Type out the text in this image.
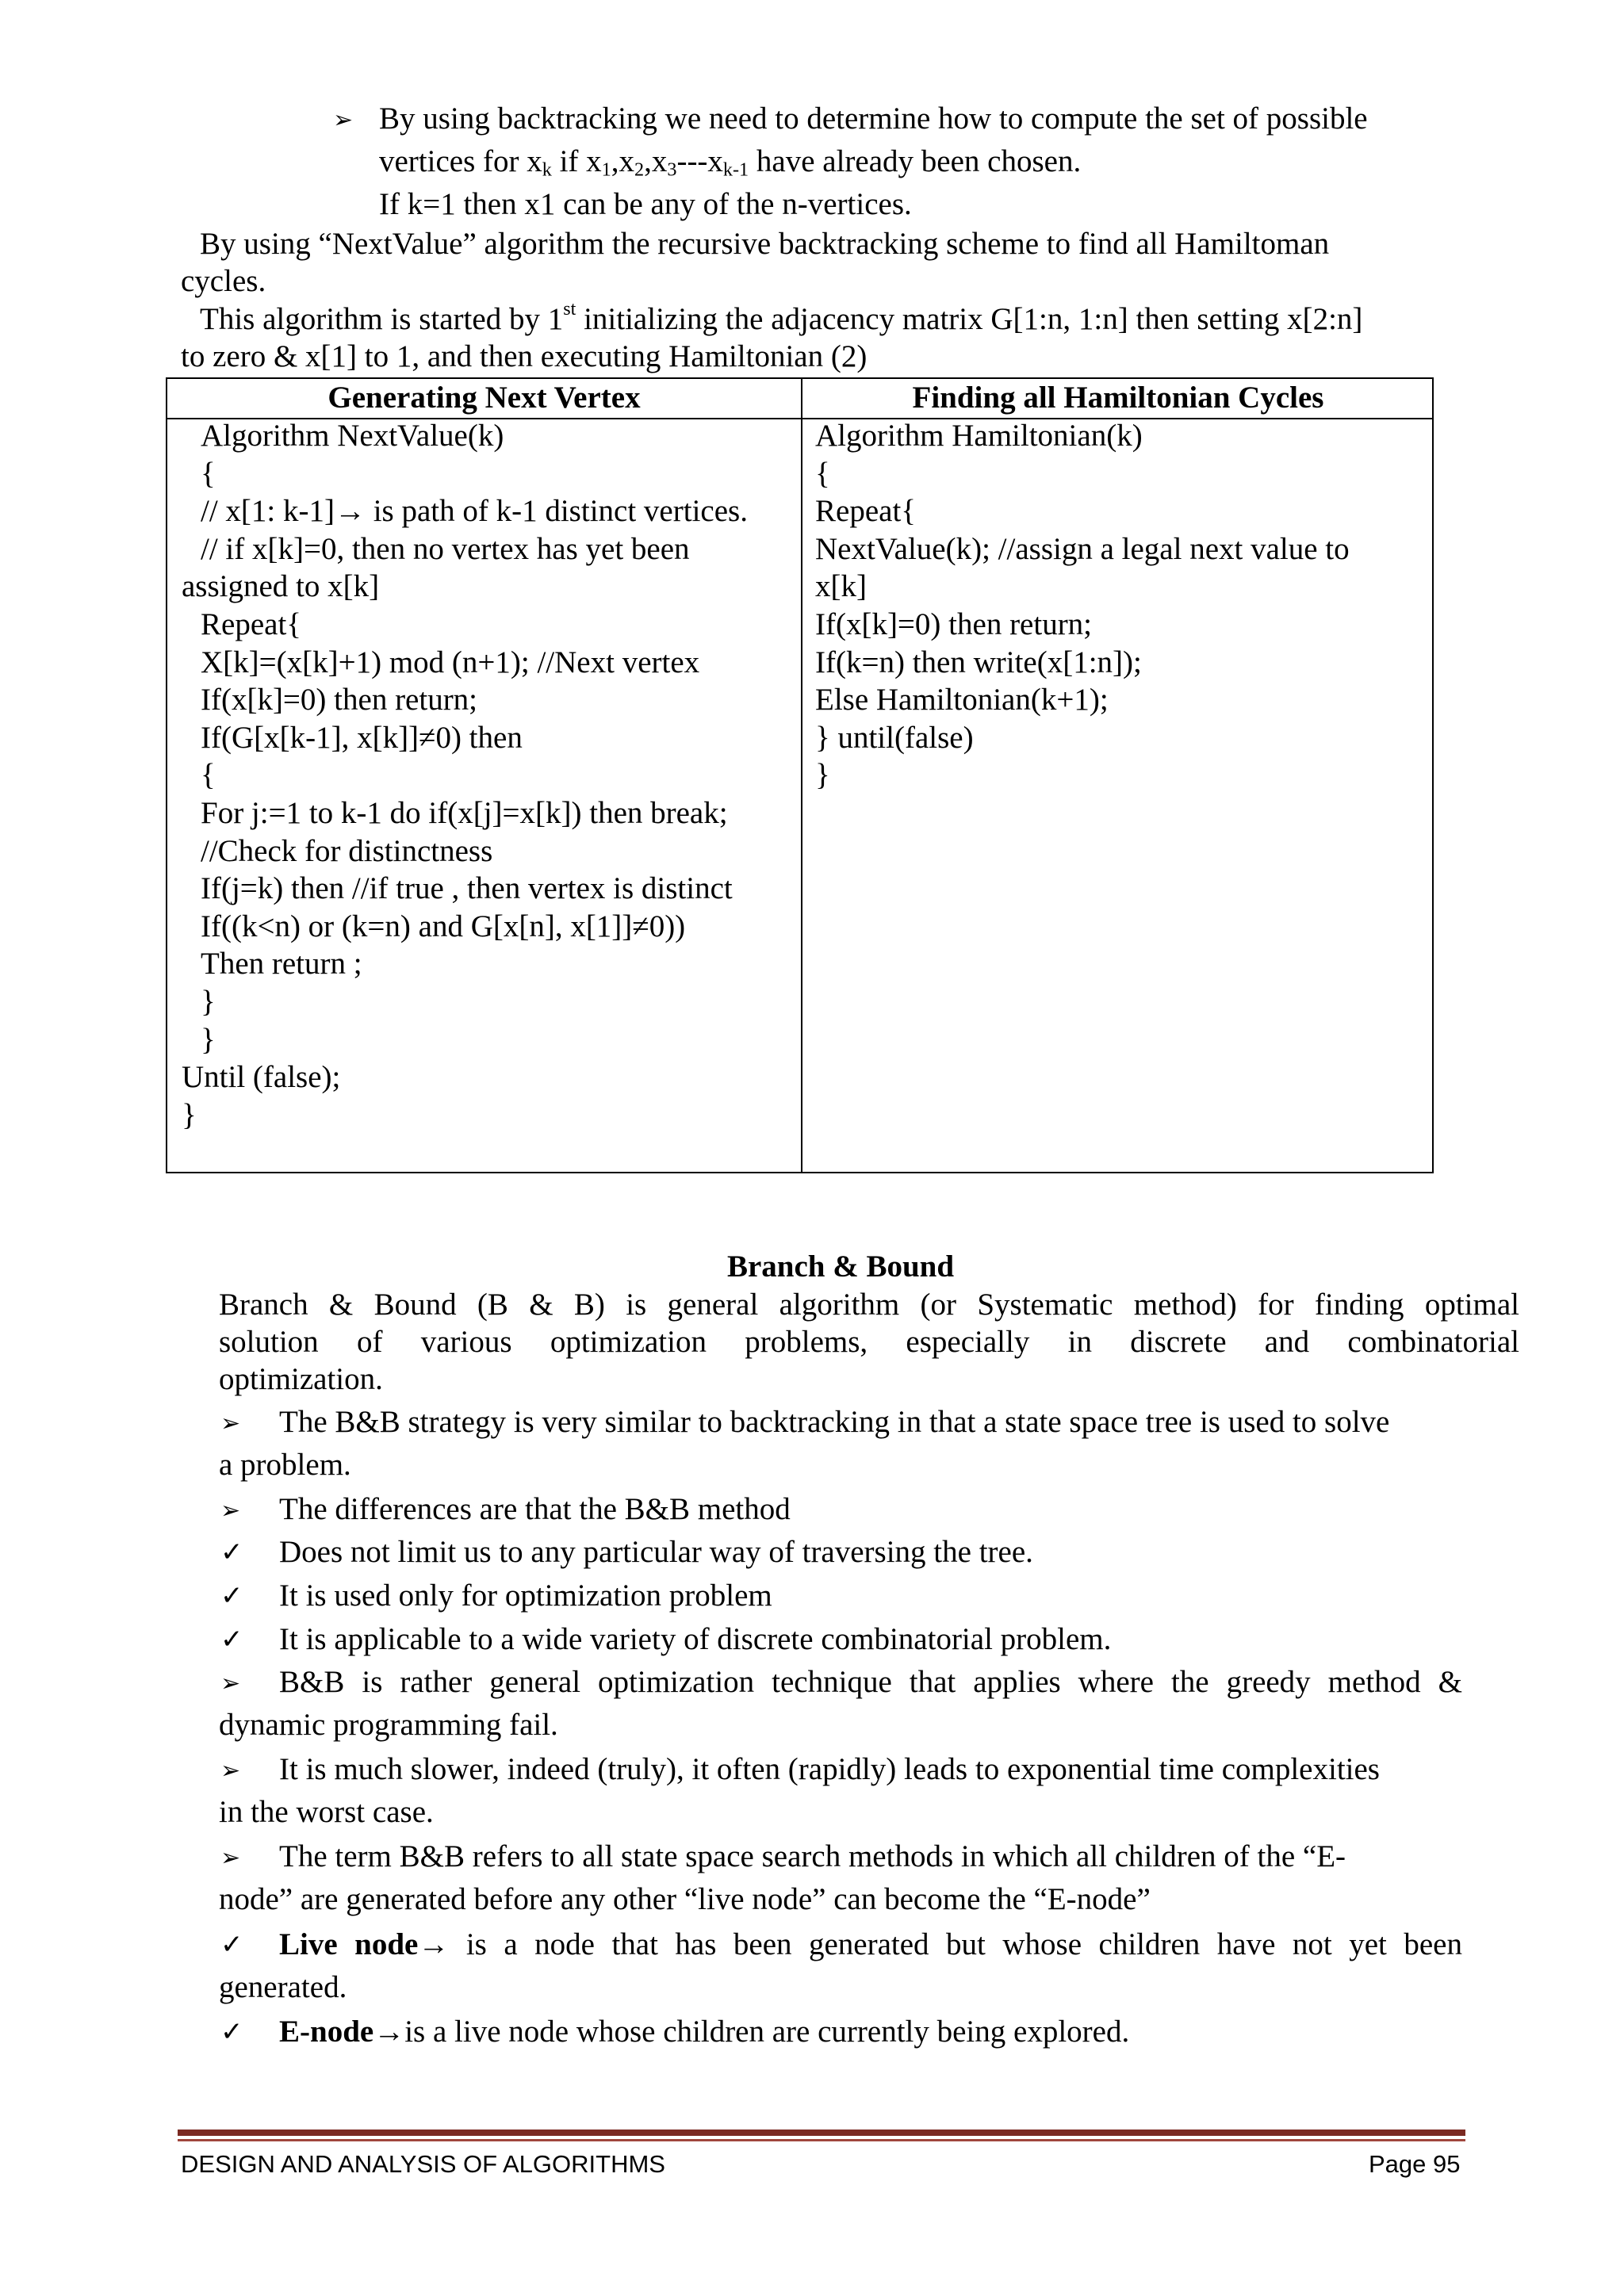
➢ By using backtracking we need to determine how to compute the set of possible
vertices for $x_k$ if $x_1,x_2,x_3---x_{k-1}$ have already been chosen.
If k=1 then x1 can be any of the n-vertices.
By using “NextValue” algorithm the recursive backtracking scheme to find all Hamiltoman
cycles.
This algorithm is started by 1st initializing the adjacency matrix G[1:n, 1:n] then setting x[2:n]
to zero & x[1] to 1, and then executing Hamiltonian (2)
Generating Next Vertex	Finding all Hamiltonian Cycles
Algorithm NextValue(k)
{
// x[1: k-1]→ is path of k-1 distinct vertices.
// if x[k]=0, then no vertex has yet been
assigned to x[k]
Repeat{
X[k]=(x[k]+1) mod (n+1); //Next vertex
If(x[k]=0) then return;
If(G[x[k-1], x[k]]≠0) then
{
For j:=1 to k-1 do if(x[j]=x[k]) then break;
//Check for distinctness
If(j=k) then //if true , then vertex is distinct
If((k<n) or (k=n) and G[x[n], x[1]]≠0))
Then return ;
}
}
Until (false);
}
Algorithm Hamiltonian(k)
{
Repeat{
NextValue(k); //assign a legal next value to
x[k]
If(x[k]=0) then return;
If(k=n) then write(x[1:n]);
Else Hamiltonian(k+1);
} until(false)
}
Branch & Bound
Branch & Bound (B & B) is general algorithm (or Systematic method) for finding optimal
solution of various optimization problems, especially in discrete and combinatorial
optimization.
➢ The B&B strategy is very similar to backtracking in that a state space tree is used to solve
a problem.
➢ The differences are that the B&B method
✓ Does not limit us to any particular way of traversing the tree.
✓ It is used only for optimization problem
✓ It is applicable to a wide variety of discrete combinatorial problem.
➢ B&B is rather general optimization technique that applies where the greedy method &
dynamic programming fail.
➢ It is much slower, indeed (truly), it often (rapidly) leads to exponential time complexities
in the worst case.
➢ The term B&B refers to all state space search methods in which all children of the “E-
node” are generated before any other “live node” can become the “E-node”
✓ Live node→ is a node that has been generated but whose children have not yet been
generated.
✓ E-node→is a live node whose children are currently being explored.
DESIGN AND ANALYSIS OF ALGORITHMS	Page 95
